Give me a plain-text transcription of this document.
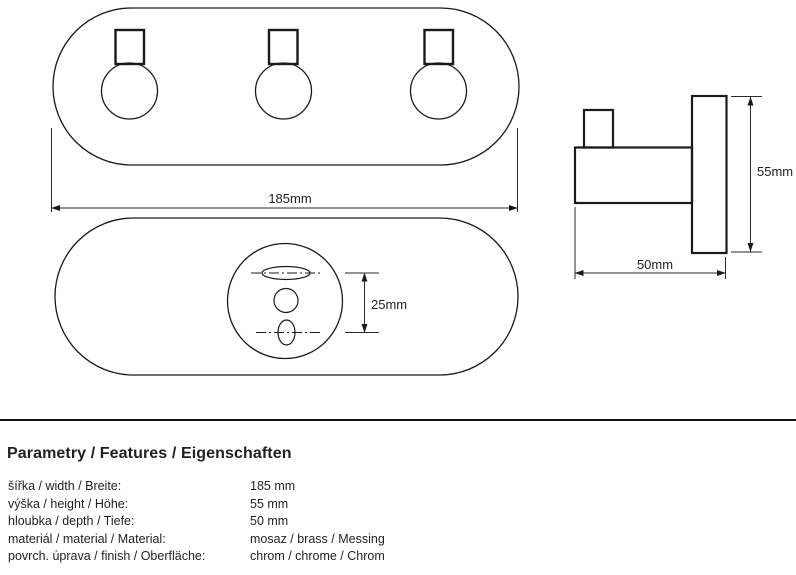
185mm
25mm
55mm
50mm
Parametry / Features / Eigenschaften
šířka / width / Breite:	185 mm
výška / height / Höhe:	55 mm
hloubka / depth / Tiefe:	50 mm
materiál / material / Material:	mosaz / brass / Messing
povrch. úprava / finish / Oberfläche:	chrom / chrome / Chrom
